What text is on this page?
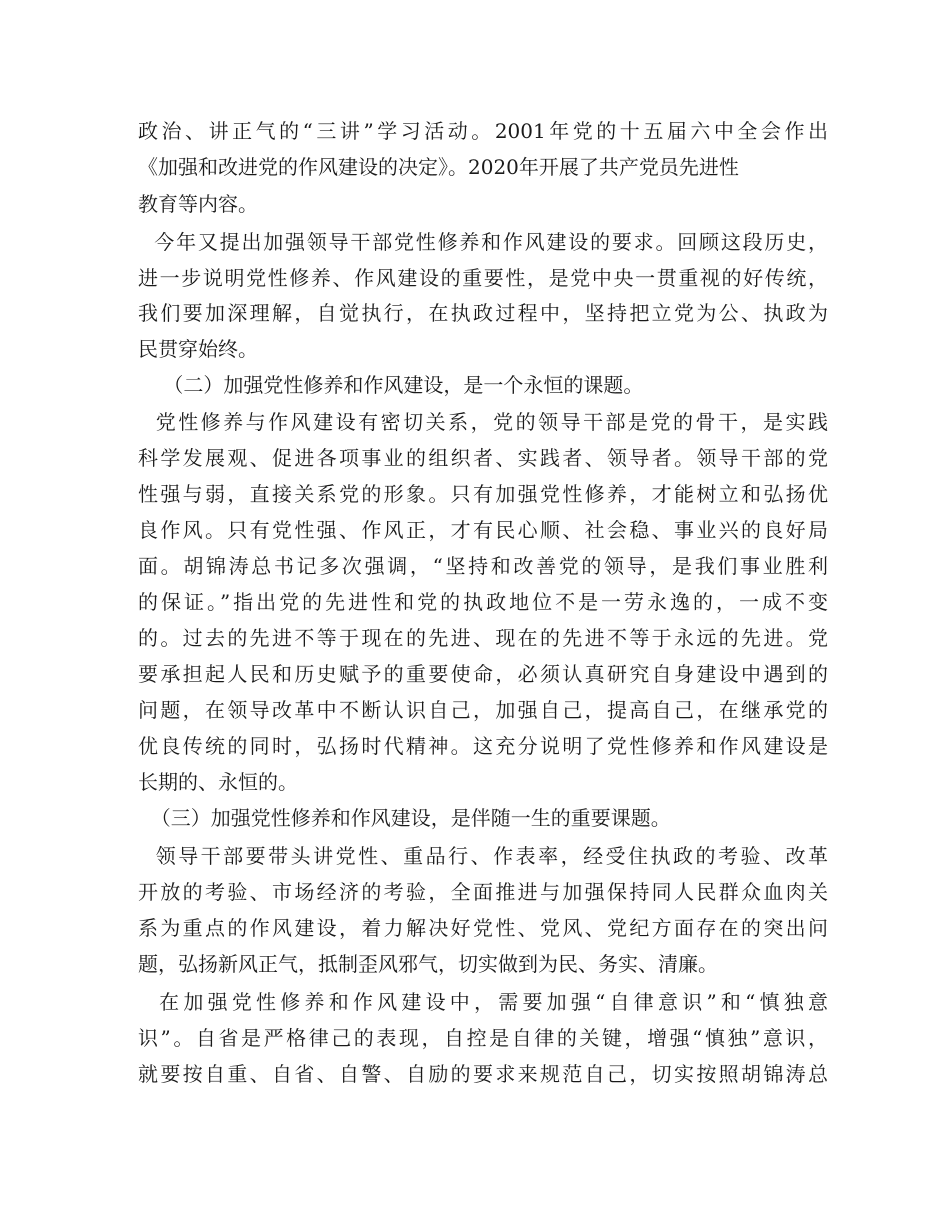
政治、讲正气的“三讲”学习活动。2001年党的十五届六中全会作出
《加强和改进党的作风建设的决定》。2020年开展了共产党员先进性
教育等内容。
今年又提出加强领导干部党性修养和作风建设的要求。回顾这段历史，
进一步说明党性修养、作风建设的重要性，是党中央一贯重视的好传统，
我们要加深理解，自觉执行，在执政过程中，坚持把立党为公、执政为
民贯穿始终。
（二）加强党性修养和作风建设，是一个永恒的课题。
党性修养与作风建设有密切关系，党的领导干部是党的骨干，是实践
科学发展观、促进各项事业的组织者、实践者、领导者。领导干部的党
性强与弱，直接关系党的形象。只有加强党性修养，才能树立和弘扬优
良作风。只有党性强、作风正，才有民心顺、社会稳、事业兴的良好局
面。胡锦涛总书记多次强调，“坚持和改善党的领导，是我们事业胜利
的保证。”指出党的先进性和党的执政地位不是一劳永逸的，一成不变
的。过去的先进不等于现在的先进、现在的先进不等于永远的先进。党
要承担起人民和历史赋予的重要使命，必须认真研究自身建设中遇到的
问题，在领导改革中不断认识自己，加强自己，提高自己，在继承党的
优良传统的同时，弘扬时代精神。这充分说明了党性修养和作风建设是
长期的、永恒的。
（三）加强党性修养和作风建设，是伴随一生的重要课题。
领导干部要带头讲党性、重品行、作表率，经受住执政的考验、改革
开放的考验、市场经济的考验，全面推进与加强保持同人民群众血肉关
系为重点的作风建设，着力解决好党性、党风、党纪方面存在的突出问
题，弘扬新风正气，抵制歪风邪气，切实做到为民、务实、清廉。
在加强党性修养和作风建设中，需要加强“自律意识”和“慎独意
识”。自省是严格律己的表现，自控是自律的关键，增强“慎独”意识，
就要按自重、自省、自警、自励的要求来规范自己，切实按照胡锦涛总
